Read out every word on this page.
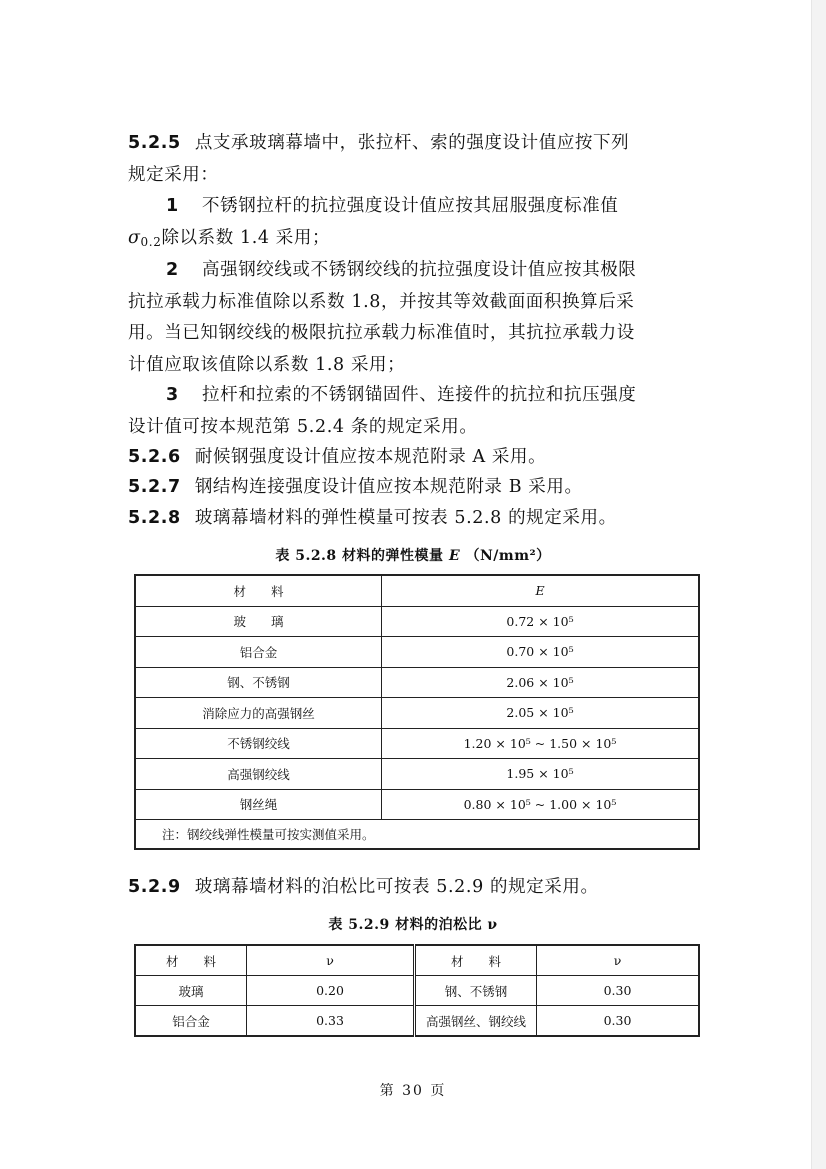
5.2.5 点支承玻璃幕墙中，张拉杆、索的强度设计值应按下列
规定采用：
1 不锈钢拉杆的抗拉强度设计值应按其屈服强度标准值
$\sigma_{0.2}$除以系数 1.4 采用；
2 高强钢绞线或不锈钢绞线的抗拉强度设计值应按其极限
抗拉承载力标准值除以系数 1.8，并按其等效截面面积换算后采
用。当已知钢绞线的极限抗拉承载力标准值时，其抗拉承载力设
计值应取该值除以系数 1.8 采用；
3 拉杆和拉索的不锈钢锚固件、连接件的抗拉和抗压强度
设计值可按本规范第 5.2.4 条的规定采用。
5.2.6 耐候钢强度设计值应按本规范附录 A 采用。
5.2.7 钢结构连接强度设计值应按本规范附录 B 采用。
5.2.8 玻璃幕墙材料的弹性模量可按表 5.2.8 的规定采用。
表 5.2.8 材料的弹性模量 E （N/mm²）
材　　料	E
玻　　璃	0.72 × 10⁵
铝合金	0.70 × 10⁵
钢、不锈钢	2.06 × 10⁵
消除应力的高强钢丝	2.05 × 10⁵
不锈钢绞线	1.20 × 10⁵ ~ 1.50 × 10⁵
高强钢绞线	1.95 × 10⁵
钢丝绳	0.80 × 10⁵ ~ 1.00 × 10⁵
注：钢绞线弹性模量可按实测值采用。	
5.2.9 玻璃幕墙材料的泊松比可按表 5.2.9 的规定采用。
表 5.2.9 材料的泊松比 ν
材　　料	ν	材　　料	ν
玻璃	0.20	钢、不锈钢	0.30
铝合金	0.33	高强钢丝、钢绞线	0.30
第 30 页
